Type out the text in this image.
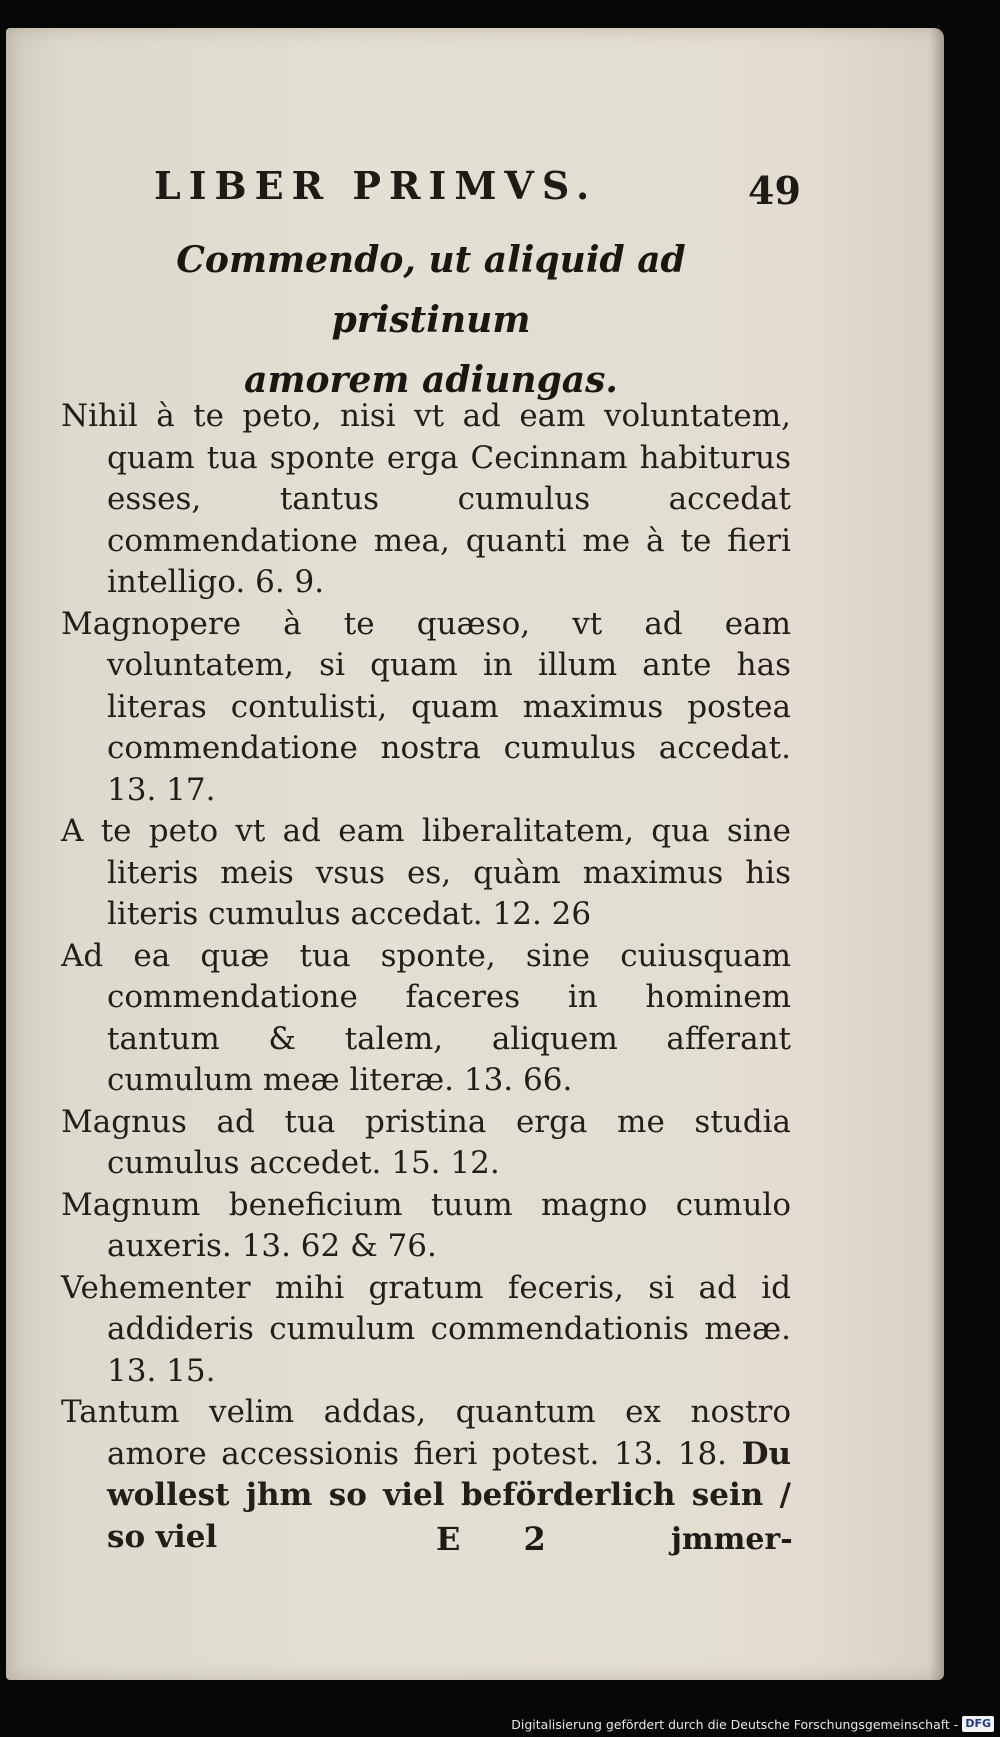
LIBER PRIMVS.	49
Commendo, ut aliquid ad pristinum
amorem adiungas.

Nihil à te peto, nisi vt ad eam voluntatem, quam tua sponte erga Cecinnam habiturus esses, tantus cumulus accedat commendatione mea, quanti me à te fieri intelligo. 6. 9.

Magnopere à te quæso, vt ad eam voluntatem, si quam in illum ante has literas contulisti, quam maximus postea commendatione nostra cumulus accedat. 13. 17.

A te peto vt ad eam liberalitatem, qua sine literis meis vsus es, quàm maximus his literis cumulus accedat. 12. 26

Ad ea quæ tua sponte, sine cuiusquam commendatione faceres in hominem tantum & talem, aliquem afferant cumulum meæ literæ. 13. 66.

Magnus ad tua pristina erga me studia cumulus accedet. 15. 12.

Magnum beneficium tuum magno cumulo auxeris. 13. 62 & 76.

Vehementer mihi gratum feceris, si ad id addideris cumulum commendationis meæ. 13. 15.

Tantum velim addas, quantum ex nostro amore accessionis fieri potest. 13. 18. Du wollest jhm so viel beförderlich sein / so viel	E 2	jmmer-
Digitalisierung gefördert durch die Deutsche Forschungsgemeinschaft - DFG
